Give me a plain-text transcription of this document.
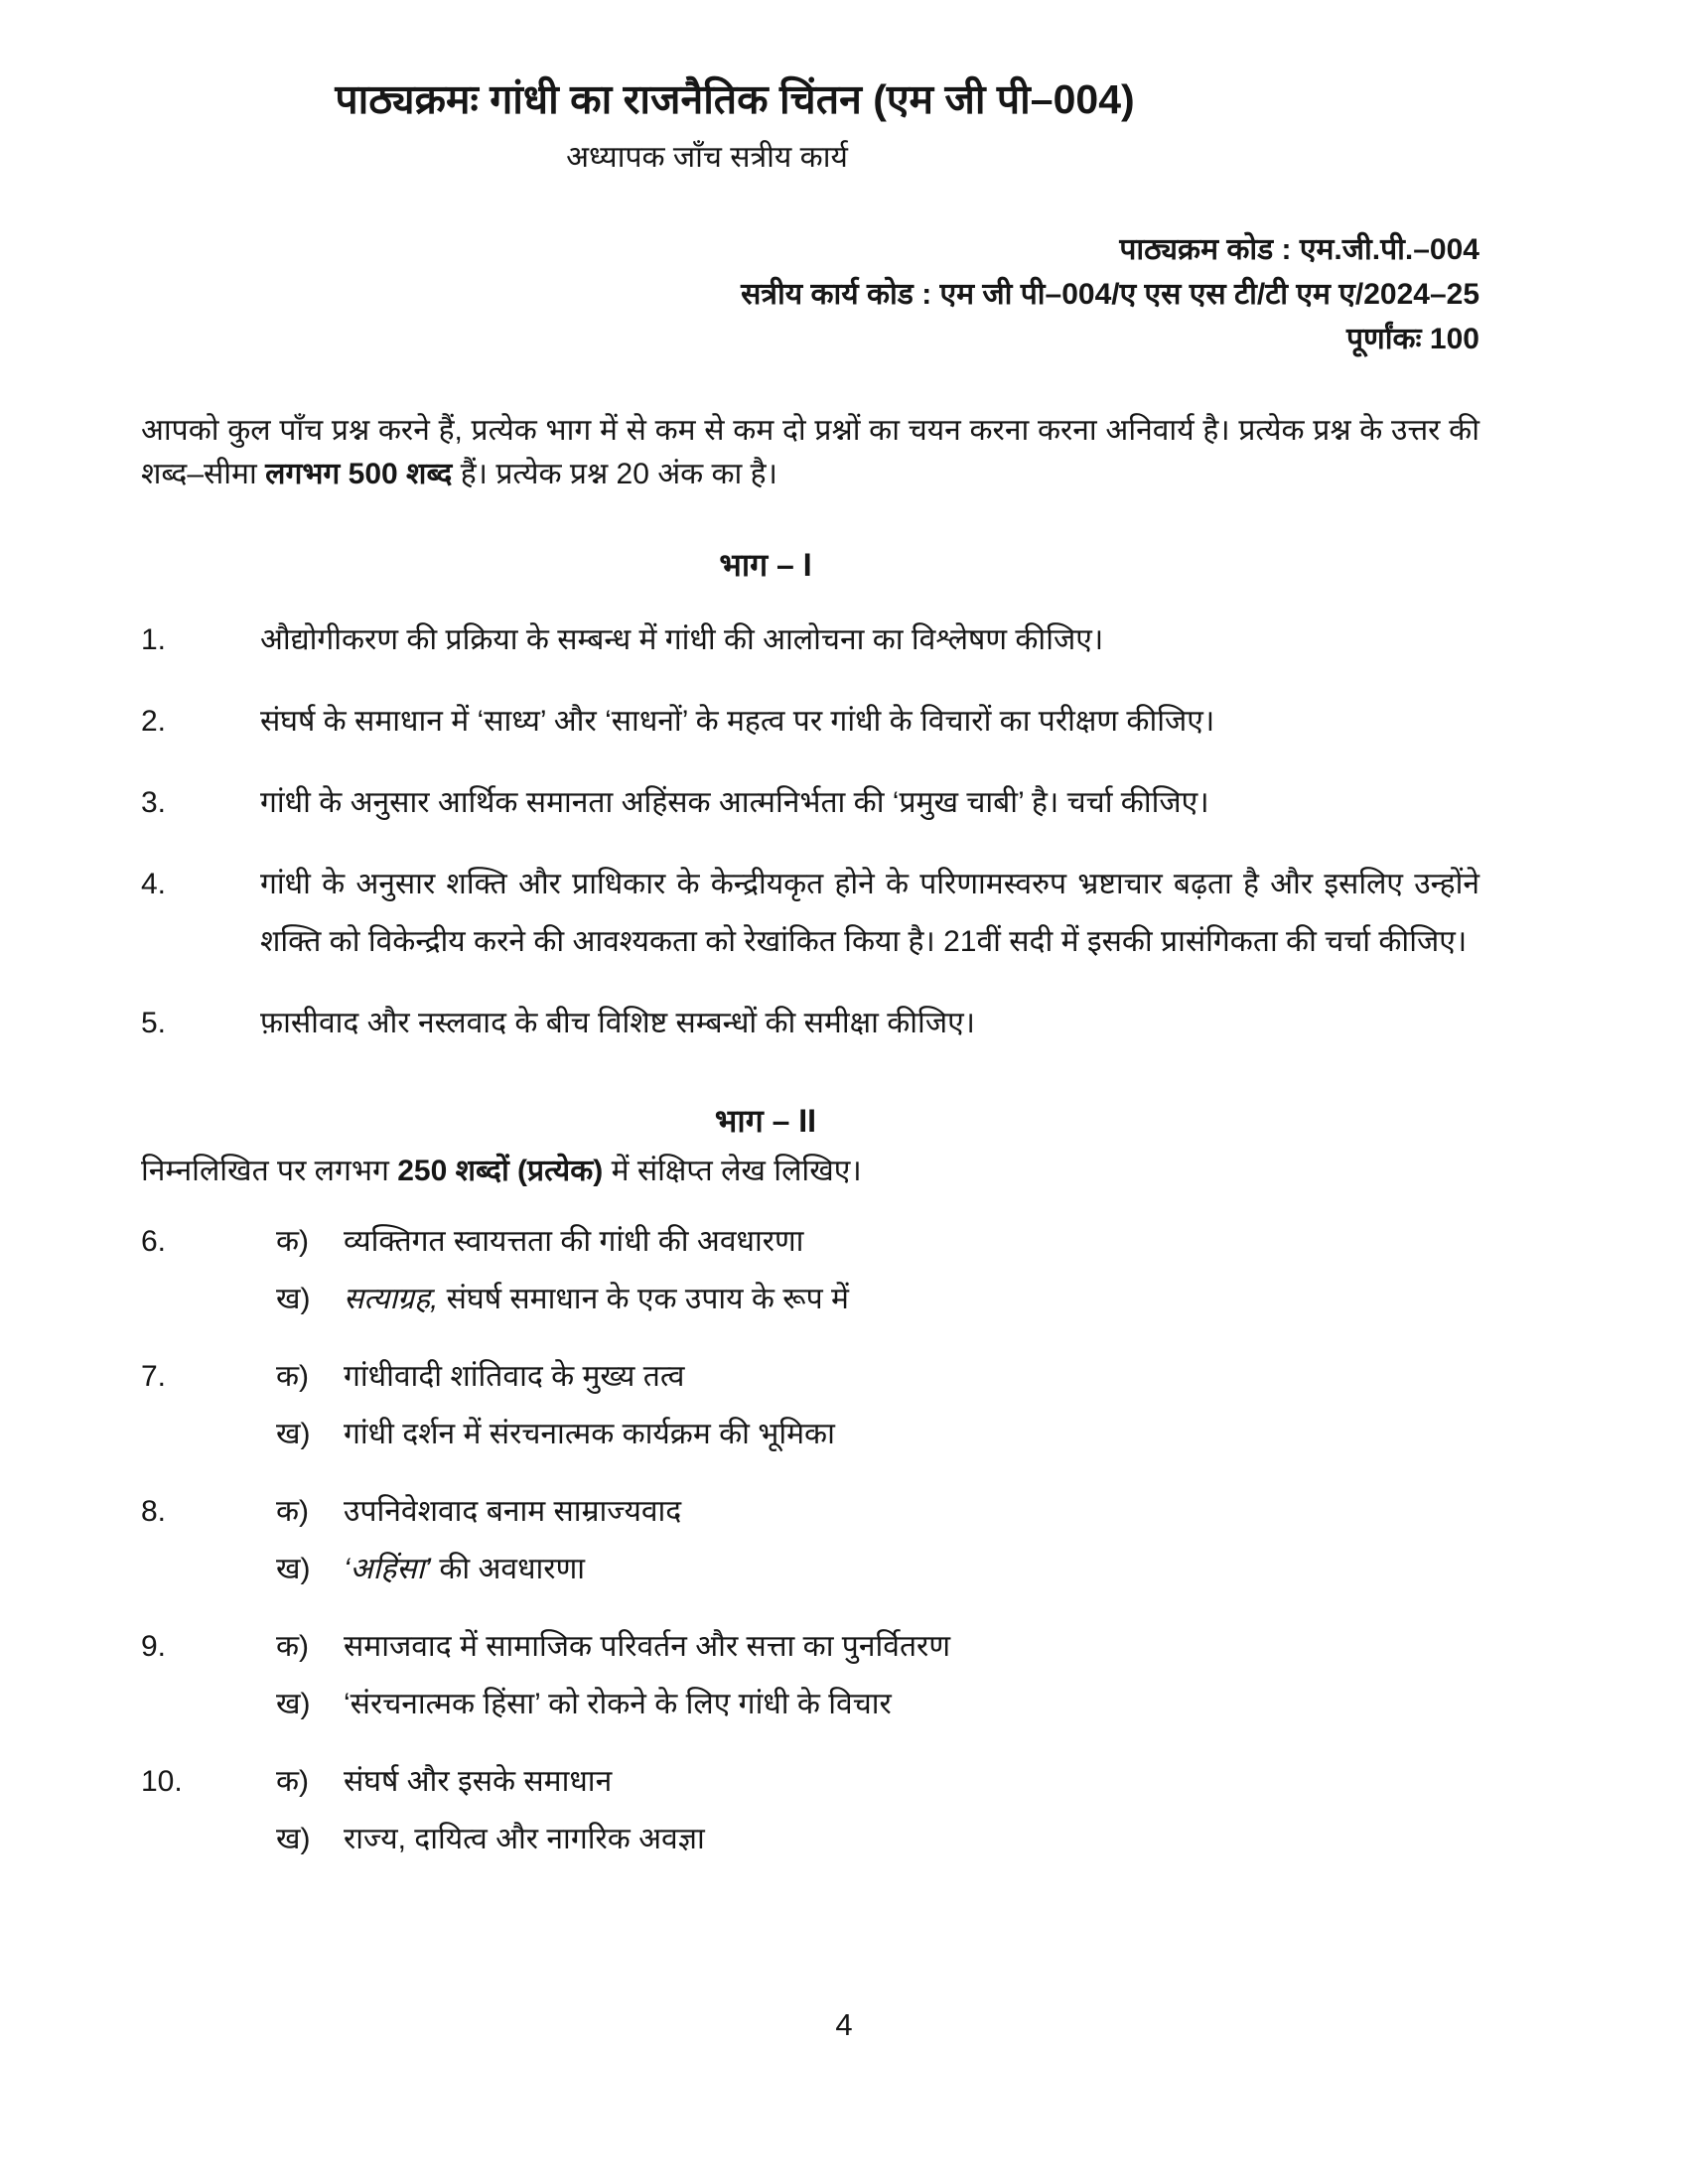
पाठ्यक्रमः गांधी का राजनैतिक चिंतन (एम जी पी–004)
अध्यापक जाँच सत्रीय कार्य
पाठ्यक्रम कोड : एम.जी.पी.–004
सत्रीय कार्य कोड : एम जी पी–004/ए एस एस टी/टी एम ए/2024–25
पूर्णांकः 100

आपको कुल पाँच प्रश्न करने हैं, प्रत्येक भाग में से कम से कम दो प्रश्नों का चयन करना करना अनिवार्य है। प्रत्येक प्रश्न के उत्तर की शब्द–सीमा लगभग 500 शब्द हैं। प्रत्येक प्रश्न 20 अंक का है।

भाग – I
1.	औद्योगीकरण की प्रक्रिया के सम्बन्ध में गांधी की आलोचना का विश्लेषण कीजिए।
2.	संघर्ष के समाधान में ‘साध्य’ और ‘साधनों’ के महत्व पर गांधी के विचारों का परीक्षण कीजिए।
3.	गांधी के अनुसार आर्थिक समानता अहिंसक आत्मनिर्भता की ‘प्रमुख चाबी’ है। चर्चा कीजिए।
4.	गांधी के अनुसार शक्ति और प्राधिकार के केन्द्रीयकृत होने के परिणामस्वरुप भ्रष्टाचार बढ़ता है और इसलिए उन्होंने शक्ति को विकेन्द्रीय करने की आवश्यकता को रेखांकित किया है। 21वीं सदी में इसकी प्रासंगिकता की चर्चा कीजिए।
5.	फ़ासीवाद और नस्लवाद के बीच विशिष्ट सम्बन्धों की समीक्षा कीजिए।
भाग – II

निम्नलिखित पर लगभग 250 शब्दों (प्रत्येक) में संक्षिप्त लेख लिखिए।

6.	क)	व्यक्तिगत स्वायत्तता की गांधी की अवधारणा
ख)	सत्याग्रह, संघर्ष समाधान के एक उपाय के रूप में
7.	क)	गांधीवादी शांतिवाद के मुख्य तत्व
ख)	गांधी दर्शन में संरचनात्मक कार्यक्रम की भूमिका
8.	क)	उपनिवेशवाद बनाम साम्राज्यवाद
ख)	‘अहिंसा’ की अवधारणा
9.	क)	समाजवाद में सामाजिक परिवर्तन और सत्ता का पुनर्वितरण
ख)	‘संरचनात्मक हिंसा’ को रोकने के लिए गांधी के विचार
10.	क)	संघर्ष और इसके समाधान
ख)	राज्य, दायित्व और नागरिक अवज्ञा
4
